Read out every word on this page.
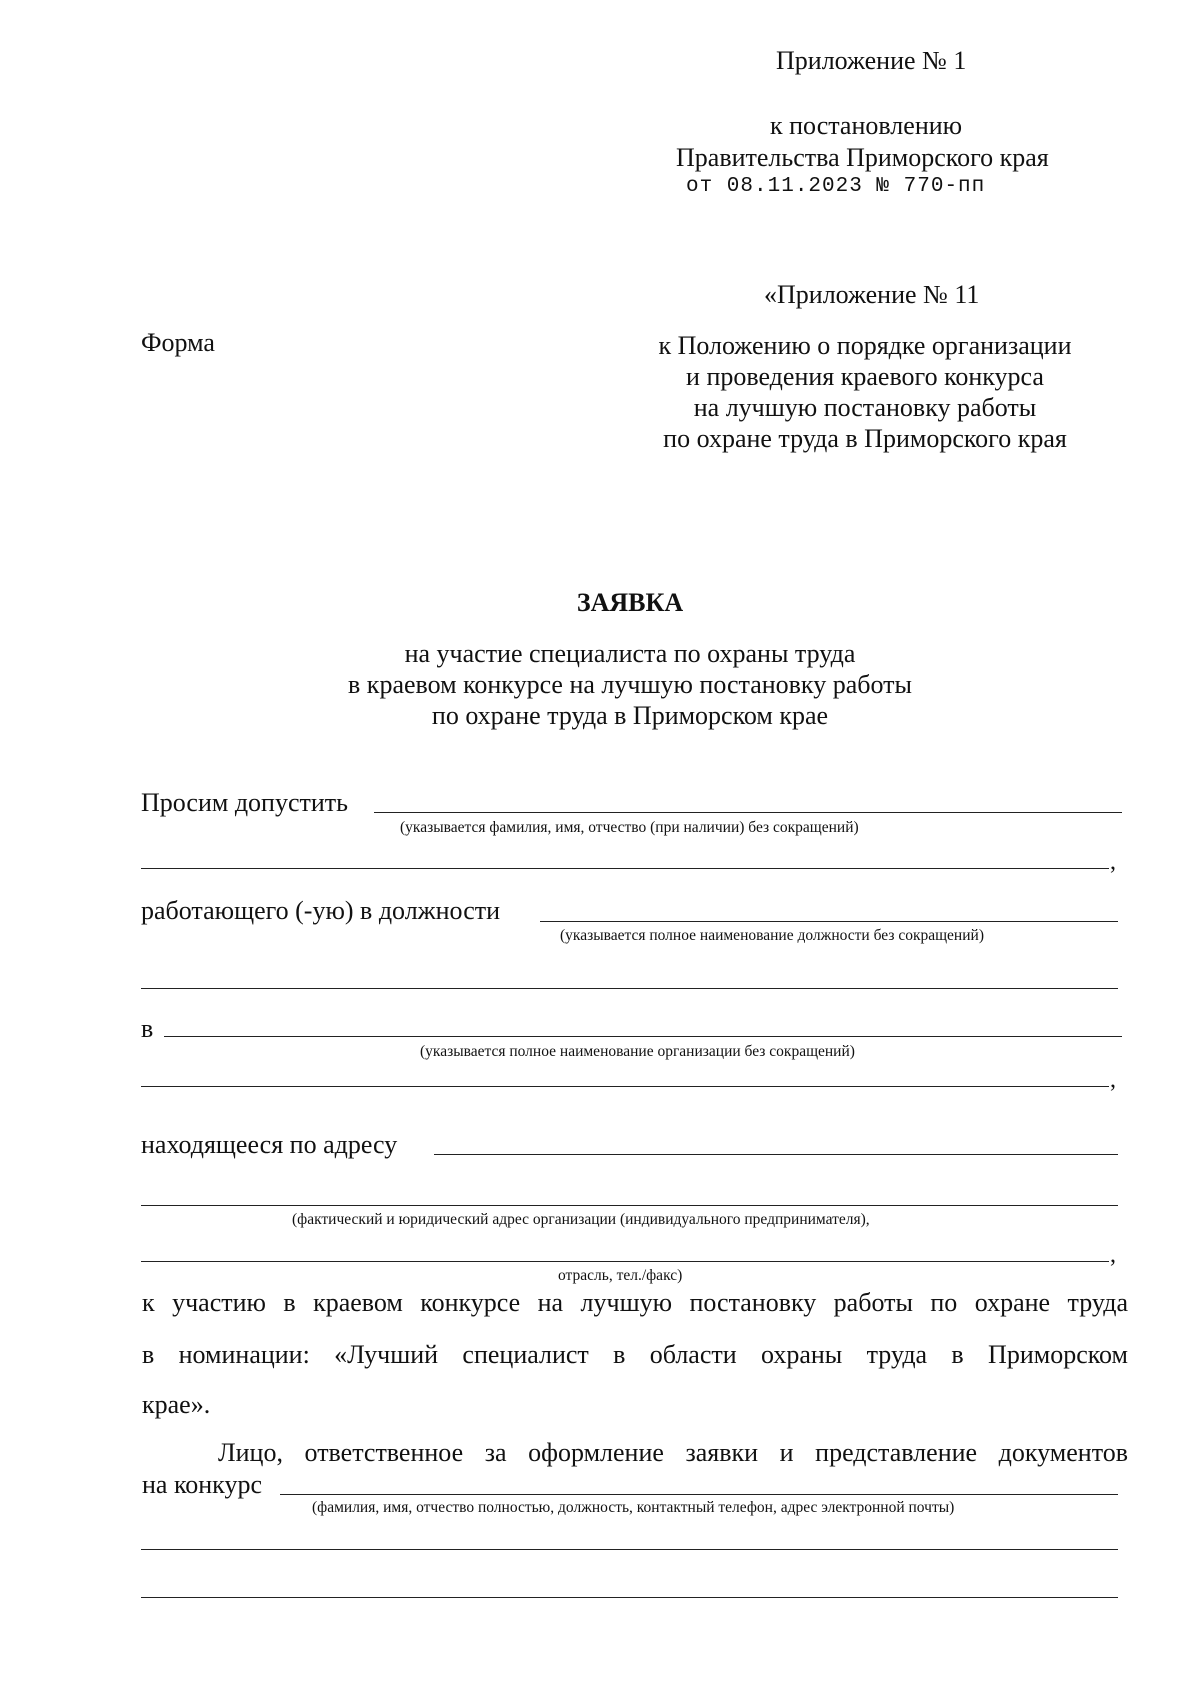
Приложение № 1
к постановлению
Правительства Приморского края
от 08.11.2023 № 770-пп
«Приложение № 11
Форма	к Положению о порядке организации
и проведения краевого конкурса
на лучшую постановку работы
по охране труда в Приморского края
ЗАЯВКА
на участие специалиста по охраны труда
в краевом конкурсе на лучшую постановку работы
по охране труда в Приморском крае
Просим допустить
(указывается фамилия, имя, отчество (при наличии) без сокращений)
,
работающего (-ую) в должности
(указывается полное наименование должности без сокращений)
в
(указывается полное наименование организации без сокращений)
,
находящееся по адресу
(фактический и юридический адрес организации (индивидуального предпринимателя),
,
отрасль, тел./факс)
к участию в краевом конкурсе на лучшую постановку работы по охране труда
в номинации: «Лучший специалист в области охраны труда в Приморском
крае».
Лицо, ответственное за оформление заявки и представление документов
на конкурс
(фамилия, имя, отчество полностью, должность, контактный телефон, адрес электронной почты)
